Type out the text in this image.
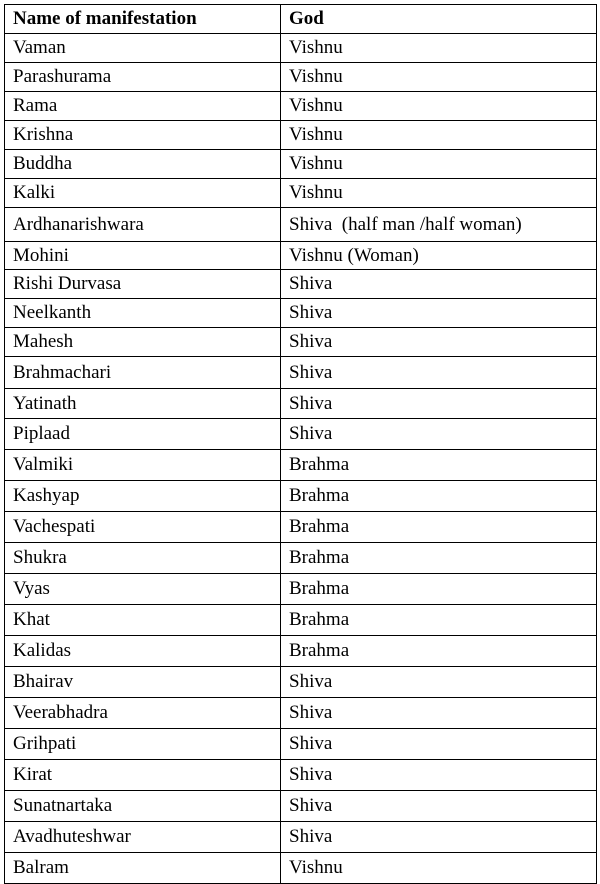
Name of manifestation	God
Vaman	Vishnu
Parashurama	Vishnu
Rama	Vishnu
Krishna	Vishnu
Buddha	Vishnu
Kalki	Vishnu
Ardhanarishwara	Shiva  (half man /half woman)
Mohini	Vishnu (Woman)
Rishi Durvasa	Shiva
Neelkanth	Shiva
Mahesh	Shiva
Brahmachari	Shiva
Yatinath	Shiva
Piplaad	Shiva
Valmiki	Brahma
Kashyap	Brahma
Vachespati	Brahma
Shukra	Brahma
Vyas	Brahma
Khat	Brahma
Kalidas	Brahma
Bhairav	Shiva
Veerabhadra	Shiva
Grihpati	Shiva
Kirat	Shiva
Sunatnartaka	Shiva
Avadhuteshwar	Shiva
Balram	Vishnu
